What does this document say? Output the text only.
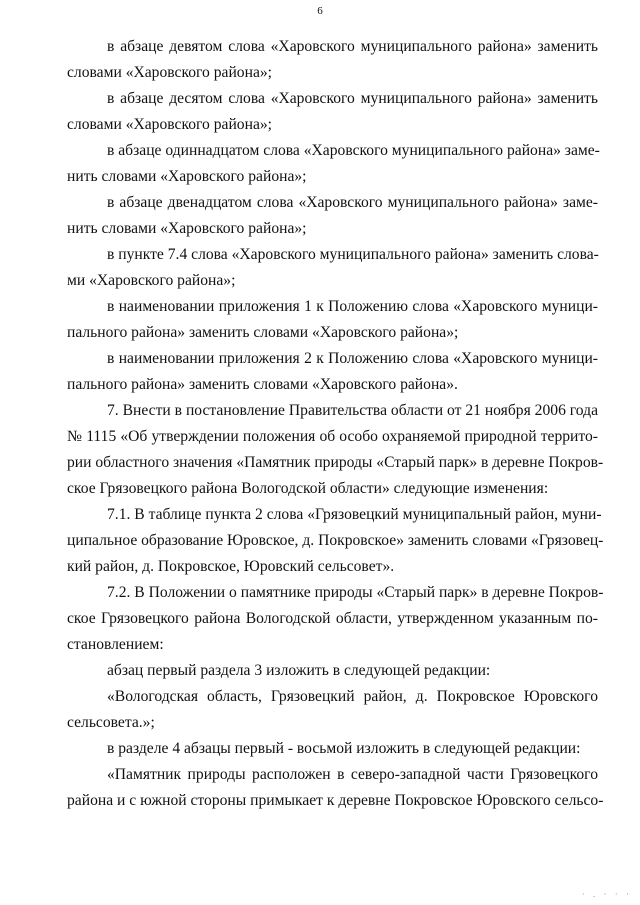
6

в абзаце девятом слова «Харовского муниципального района» заменить
словами «Харовского района»;

в абзаце десятом слова «Харовского муниципального района» заменить
словами «Харовского района»;

в абзаце одиннадцатом слова «Харовского муниципального района» заме-
нить словами «Харовского района»;

в абзаце двенадцатом слова «Харовского муниципального района» заме-
нить словами «Харовского района»;

в пункте 7.4 слова «Харовского муниципального района» заменить слова-
ми «Харовского района»;

в наименовании приложения 1 к Положению слова «Харовского муници-
пального района» заменить словами «Харовского района»;

в наименовании приложения 2 к Положению слова «Харовского муници-
пального района» заменить словами «Харовского района».

7. Внести в постановление Правительства области от 21 ноября 2006 года
№ 1115 «Об утверждении положения об особо охраняемой природной террито-
рии областного значения «Памятник природы «Старый парк» в деревне Покров-
ское Грязовецкого района Вологодской области» следующие изменения:

7.1. В таблице пункта 2 слова «Грязовецкий муниципальный район, муни-
ципальное образование Юровское, д. Покровское» заменить словами «Грязовец-
кий район, д. Покровское, Юровский сельсовет».

7.2. В Положении о памятнике природы «Старый парк» в деревне Покров-
ское Грязовецкого района Вологодской области, утвержденном указанным по-
становлением:

абзац первый раздела 3 изложить в следующей редакции:

«Вологодская область, Грязовецкий район, д. Покровское Юровского
сельсовета.»;

в разделе 4 абзацы первый - восьмой изложить в следующей редакции:

«Памятник природы расположен в северо-западной части Грязовецкого
района и с южной стороны примыкает к деревне Покровское Юровского сельсо-

· . · · ·
